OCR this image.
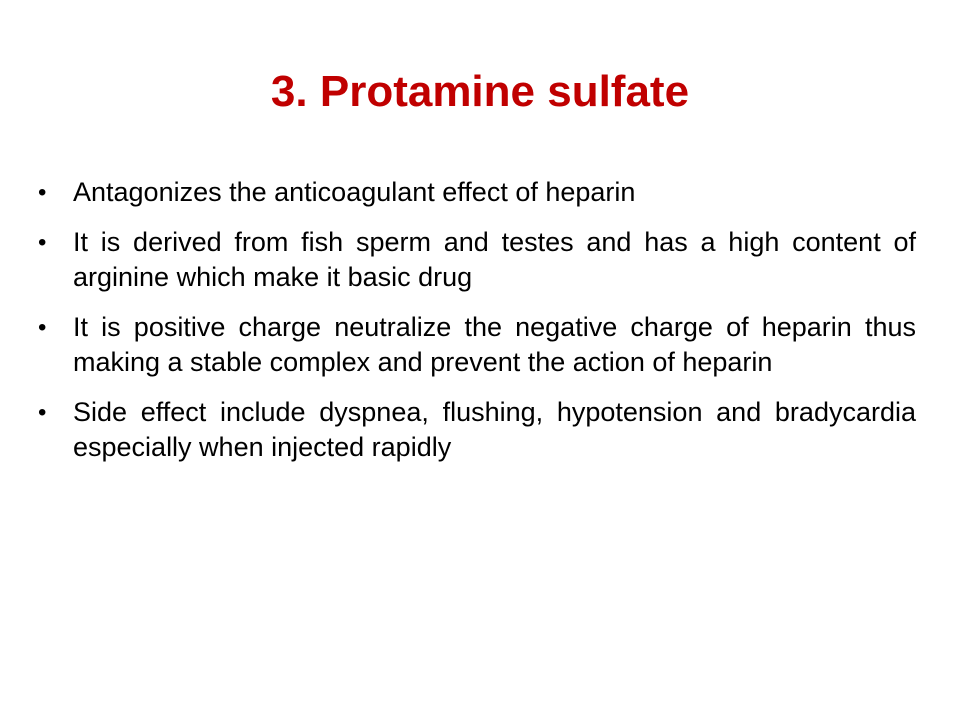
3. Protamine sulfate
• Antagonizes the anticoagulant effect of heparin
• It is derived from fish sperm and testes and has a high content of arginine which make it basic drug
• It is positive charge neutralize the negative charge of heparin thus making a stable complex and prevent the action of heparin
• Side effect include dyspnea, flushing, hypotension and bradycardia especially when injected rapidly
